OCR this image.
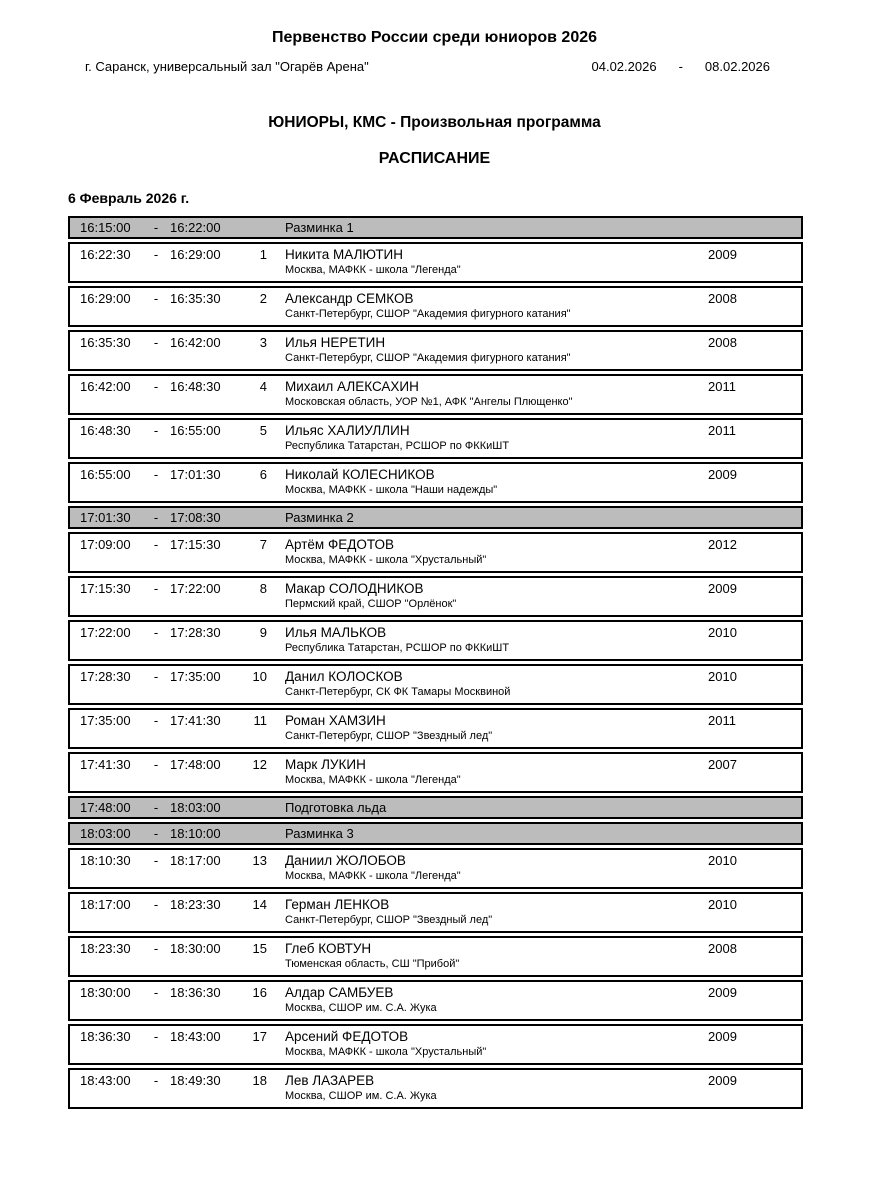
Первенство России среди юниоров 2026
г. Саранск, универсальный зал "Огарёв Арена"	04.02.2026 - 08.02.2026
ЮНИОРЫ, КМС - Произвольная программа
РАСПИСАНИЕ
6 Февраль 2026 г.
16:15:00	- 16:22:00	Разминка 1
16:22:30	- 16:29:00	1 Никита МАЛЮТИН	2009
Москва, МАФКК - школа "Легенда"
16:29:00	- 16:35:30	2 Александр СЕМКОВ	2008
Санкт-Петербург, СШОР "Академия фигурного катания"
16:35:30	- 16:42:00	3 Илья НЕРЕТИН	2008
Санкт-Петербург, СШОР "Академия фигурного катания"
16:42:00	- 16:48:30	4 Михаил АЛЕКСАХИН	2011
Московская область, УОР №1, АФК "Ангелы Плющенко"
16:48:30	- 16:55:00	5 Ильяс ХАЛИУЛЛИН	2011
Республика Татарстан, РСШОР по ФККиШТ
16:55:00	- 17:01:30	6 Николай КОЛЕСНИКОВ	2009
Москва, МАФКК - школа "Наши надежды"
17:01:30	- 17:08:30	Разминка 2
17:09:00	- 17:15:30	7 Артём ФЕДОТОВ	2012
Москва, МАФКК - школа "Хрустальный"
17:15:30	- 17:22:00	8 Макар СОЛОДНИКОВ	2009
Пермский край, СШОР "Орлёнок"
17:22:00	- 17:28:30	9 Илья МАЛЬКОВ	2010
Республика Татарстан, РСШОР по ФККиШТ
17:28:30	- 17:35:00	10 Данил КОЛОСКОВ	2010
Санкт-Петербург, СК ФК Тамары Москвиной
17:35:00	- 17:41:30	11 Роман ХАМЗИН	2011
Санкт-Петербург, СШОР "Звездный лед"
17:41:30	- 17:48:00	12 Марк ЛУКИН	2007
Москва, МАФКК - школа "Легенда"
17:48:00	- 18:03:00	Подготовка льда
18:03:00	- 18:10:00	Разминка 3
18:10:30	- 18:17:00	13 Даниил ЖОЛОБОВ	2010
Москва, МАФКК - школа "Легенда"
18:17:00	- 18:23:30	14 Герман ЛЕНКОВ	2010
Санкт-Петербург, СШОР "Звездный лед"
18:23:30	- 18:30:00	15 Глеб КОВТУН	2008
Тюменская область, СШ "Прибой"
18:30:00	- 18:36:30	16 Алдар САМБУЕВ	2009
Москва, СШОР им. С.А. Жука
18:36:30	- 18:43:00	17 Арсений ФЕДОТОВ	2009
Москва, МАФКК - школа "Хрустальный"
18:43:00	- 18:49:30	18 Лев ЛАЗАРЕВ	2009
Москва, СШОР им. С.А. Жука
